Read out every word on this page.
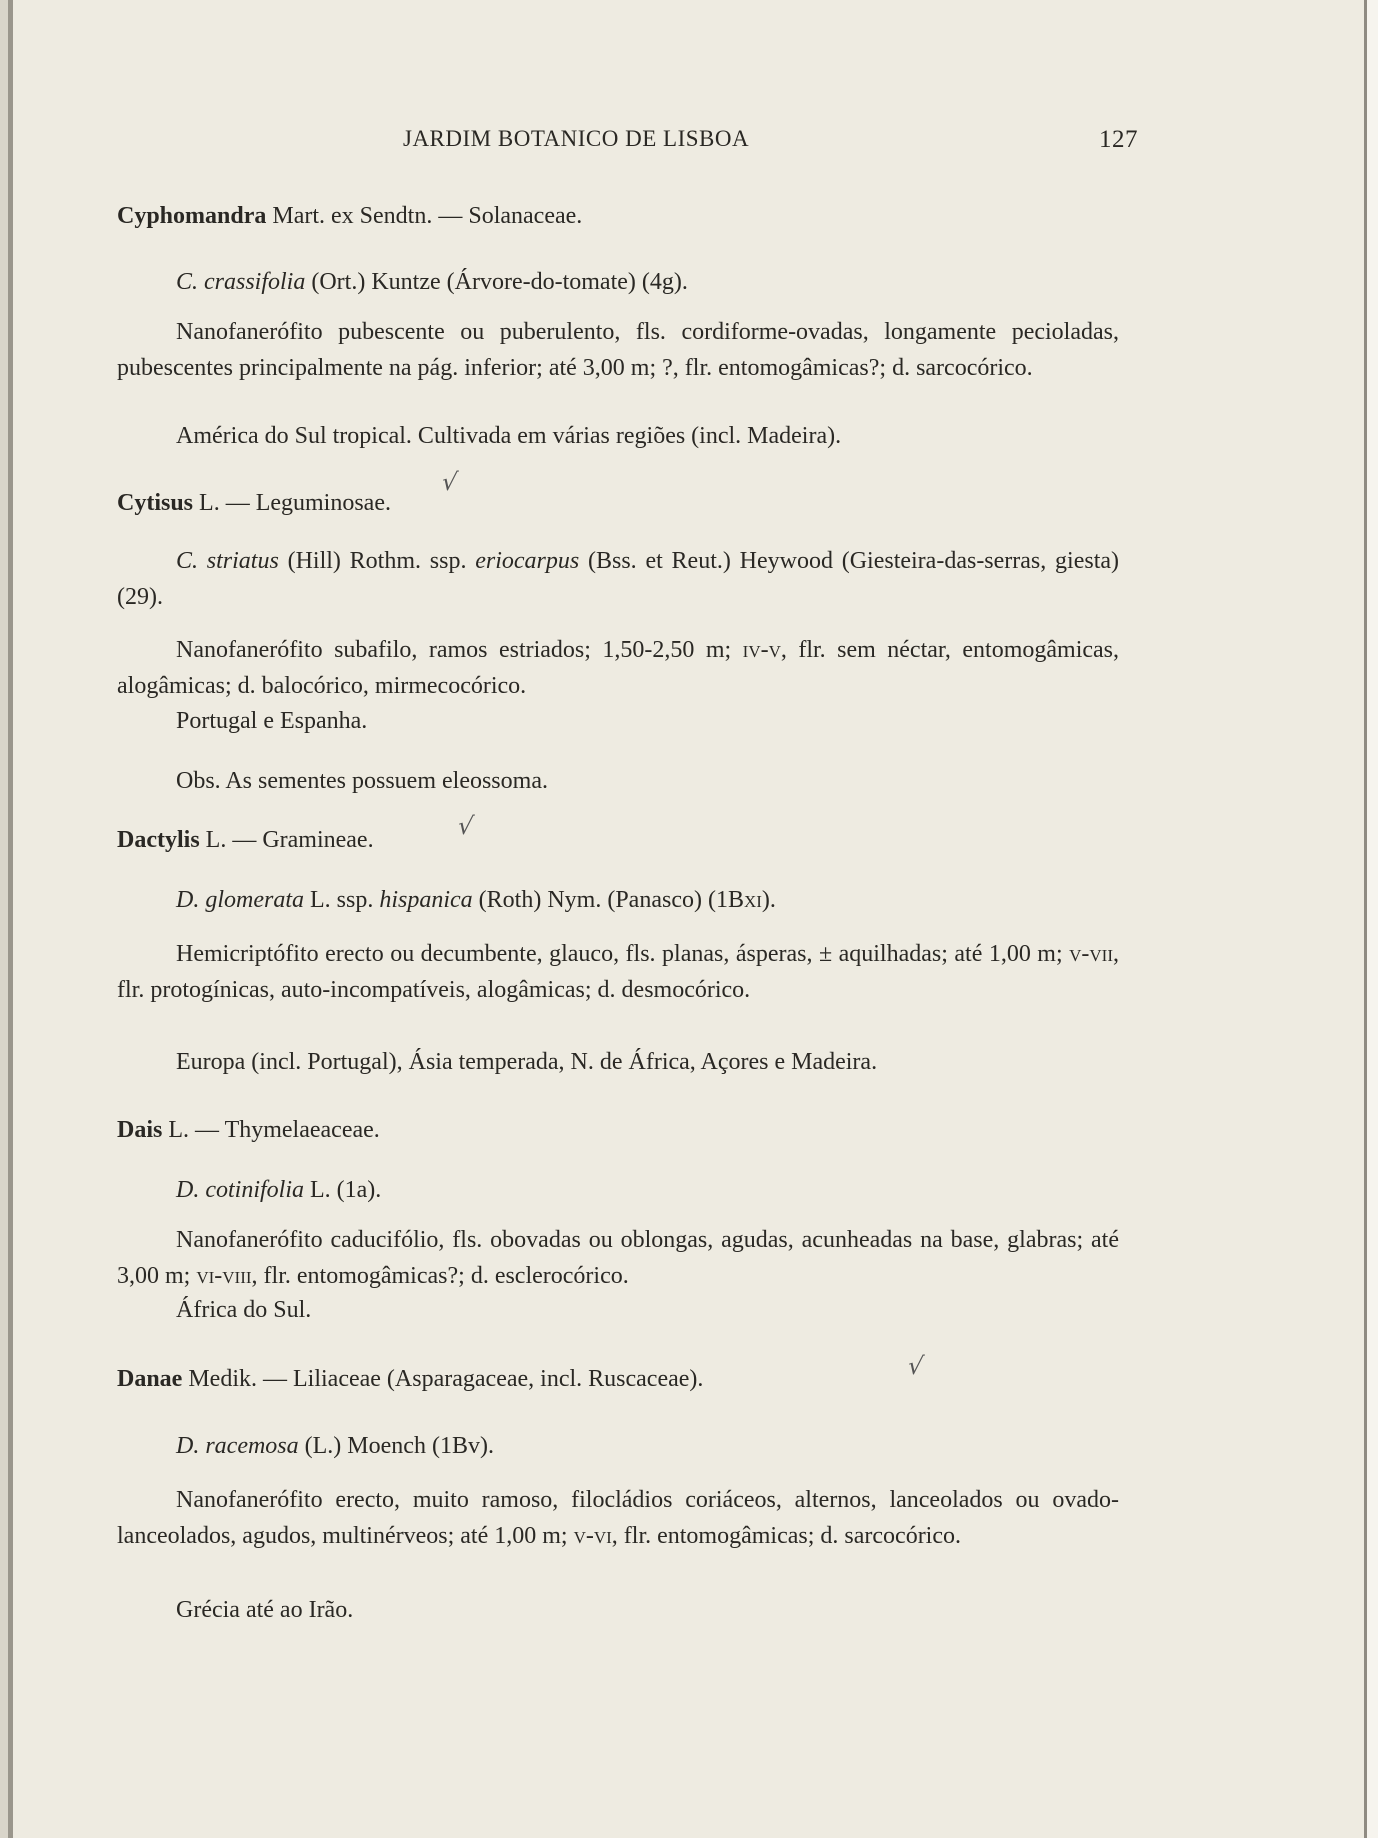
JARDIM BOTANICO DE LISBOA	127
Cyphomandra Mart. ex Sendtn. — Solanaceae.
C. crassifolia (Ort.) Kuntze (Árvore-do-tomate) (4g).
Nanofanerófito pubescente ou puberulento, fls. cordiforme-ovadas, longamente pecioladas, pubescentes principalmente na pág. inferior; até 3,00 m; ?, flr. entomogâmicas?; d. sarcocórico.
América do Sul tropical. Cultivada em várias regiões (incl. Madeira).
Cytisus L. — Leguminosae.
√
C. striatus (Hill) Rothm. ssp. eriocarpus (Bss. et Reut.) Heywood (Giesteira-das-serras, giesta) (29).
Nanofanerófito subafilo, ramos estriados; 1,50-2,50 m; iv-v, flr. sem néctar, entomogâmicas, alogâmicas; d. balocórico, mirmecocórico.
Portugal e Espanha.
Obs. As sementes possuem eleossoma.
Dactylis L. — Gramineae.	√
D. glomerata L. ssp. hispanica (Roth) Nym. (Panasco) (1Bxi).
Hemicriptófito erecto ou decumbente, glauco, fls. planas, ásperas, ± aquilhadas; até 1,00 m; v-vii, flr. protogínicas, auto-incompatíveis, alogâmicas; d. desmocórico.
Europa (incl. Portugal), Ásia temperada, N. de África, Açores e Madeira.
Dais L. — Thymelaeaceae.
D. cotinifolia L. (1a).
Nanofanerófito caducifólio, fls. obovadas ou oblongas, agudas, acunheadas na base, glabras; até 3,00 m; vi-viii, flr. entomogâmicas?; d. esclerocórico.
África do Sul.
Danae Medik. — Liliaceae (Asparagaceae, incl. Ruscaceae).	√
D. racemosa (L.) Moench (1Bv).
Nanofanerófito erecto, muito ramoso, filocládios coriáceos, alternos, lanceolados ou ovado-lanceolados, agudos, multinérveos; até 1,00 m; v-vi, flr. entomogâmicas; d. sarcocórico.
Grécia até ao Irão.
